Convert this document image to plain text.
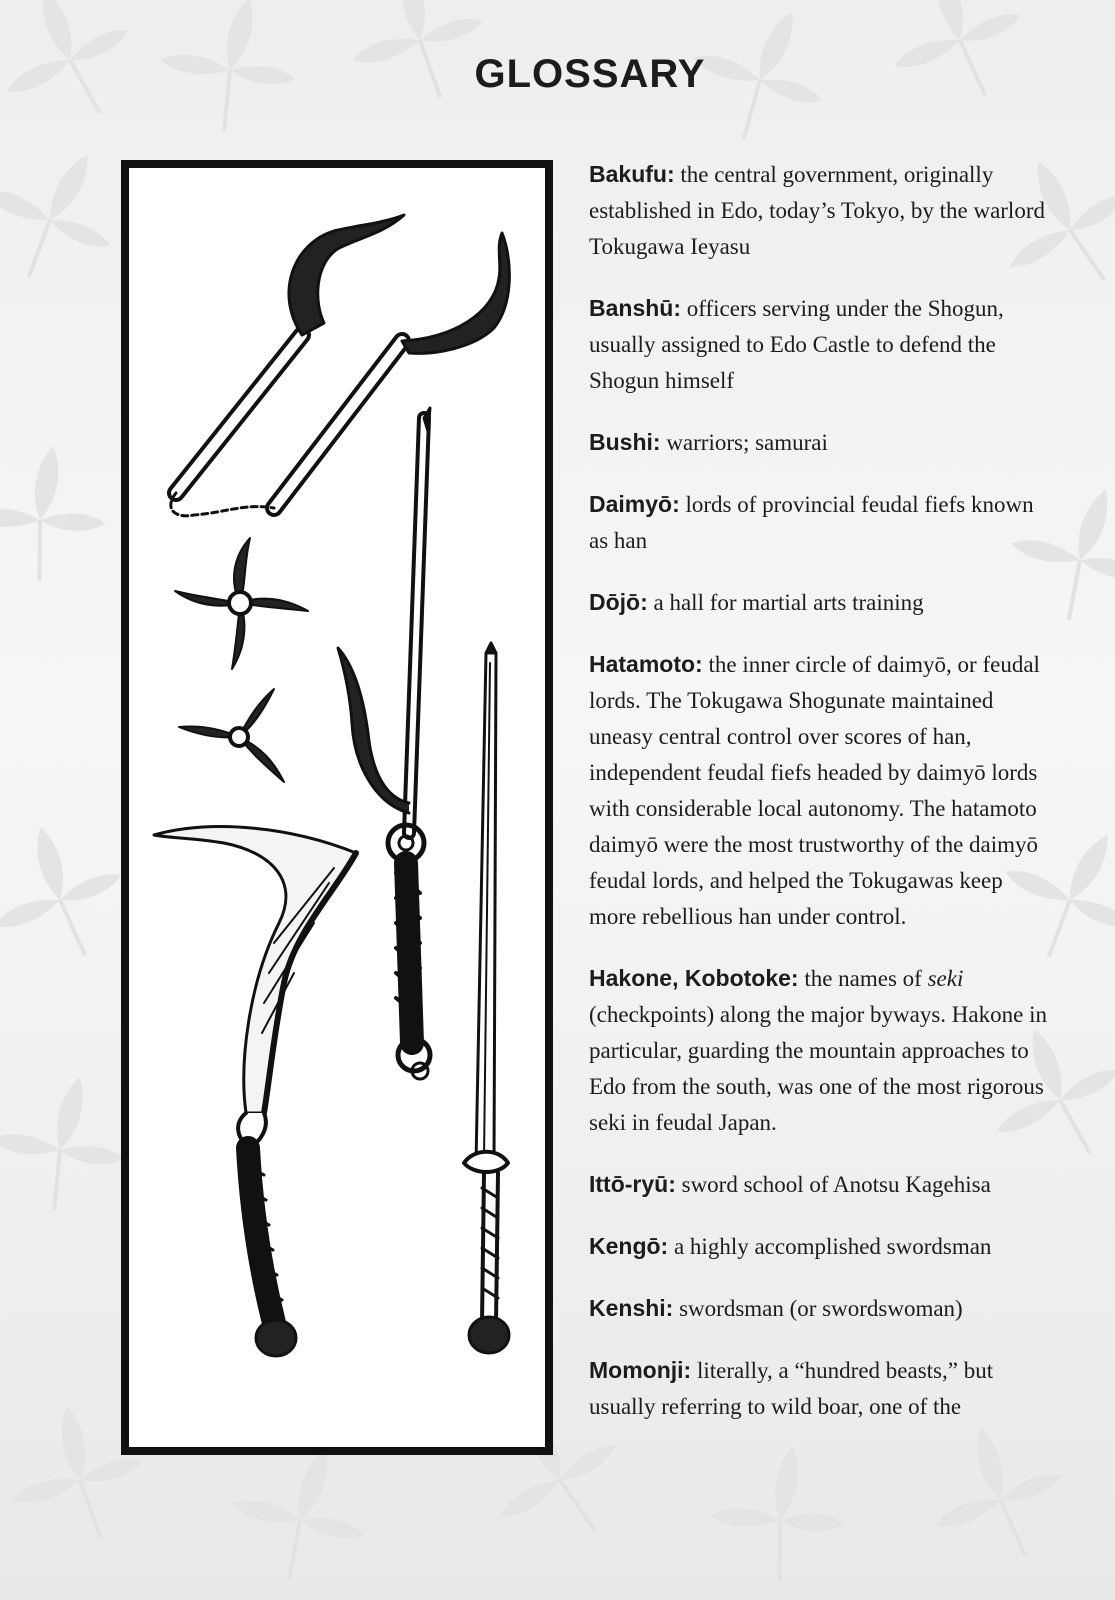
GLOSSARY

Bakufu: the central government, originally established in Edo, today’s Tokyo, by the warlord Tokugawa Ieyasu

Banshū: officers serving under the Shogun, usually assigned to Edo Castle to defend the Shogun himself

Bushi: warriors; samurai

Daimyō: lords of provincial feudal fiefs known as han

Dōjō: a hall for martial arts training

Hatamoto: the inner circle of daimyō, or feudal lords. The Tokugawa Shogunate maintained uneasy central control over scores of han, independent feudal fiefs headed by daimyō lords with considerable local autonomy. The hatamoto daimyō were the most trustworthy of the daimyō feudal lords, and helped the Tokugawas keep more rebellious han under control.

Hakone, Kobotoke: the names of seki (checkpoints) along the major byways. Hakone in particular, guarding the mountain approaches to Edo from the south, was one of the most rigorous seki in feudal Japan.

Ittō-ryū: sword school of Anotsu Kagehisa

Kengō: a highly accomplished swordsman

Kenshi: swordsman (or swordswoman)

Momonji: literally, a “hundred beasts,” but usually referring to wild boar, one of the
